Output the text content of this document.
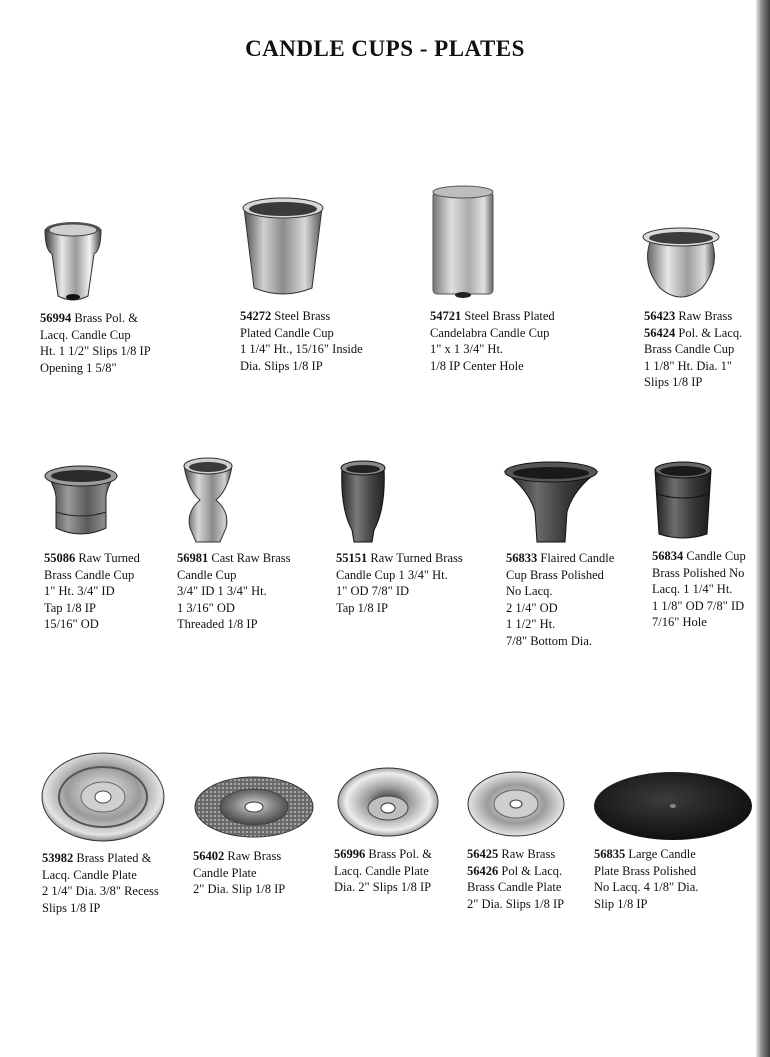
CANDLE CUPS - PLATES
56994 Brass Pol. &
Lacq. Candle Cup
Ht. 1 1/2" Slips 1/8 IP
Opening 1 5/8"
54272 Steel Brass
Plated Candle Cup
1 1/4" Ht., 15/16" Inside
Dia. Slips 1/8 IP
54721 Steel Brass Plated
Candelabra Candle Cup
1" x 1 3/4" Ht.
1/8 IP Center Hole
56423 Raw Brass
56424 Pol. & Lacq.
Brass Candle Cup
1 1/8" Ht. Dia. 1"
Slips 1/8 IP
55086 Raw Turned
Brass Candle Cup
1" Ht. 3/4" ID
Tap 1/8 IP
15/16" OD
56981 Cast Raw Brass
Candle Cup
3/4" ID 1 3/4" Ht.
1 3/16" OD
Threaded 1/8 IP
55151 Raw Turned Brass
Candle Cup 1 3/4" Ht.
1" OD 7/8" ID
Tap 1/8 IP
56833 Flaired Candle
Cup Brass Polished
No Lacq.
2 1/4" OD
1 1/2" Ht.
7/8" Bottom Dia.
56834 Candle Cup
Brass Polished No
Lacq. 1 1/4" Ht.
1 1/8" OD 7/8" ID
7/16" Hole
53982 Brass Plated &
Lacq. Candle Plate
2 1/4" Dia. 3/8" Recess
Slips 1/8 IP
56402 Raw Brass
Candle Plate
2" Dia. Slip 1/8 IP
56996 Brass Pol. &
Lacq. Candle Plate
Dia. 2" Slips 1/8 IP
56425 Raw Brass
56426 Pol & Lacq.
Brass Candle Plate
2" Dia. Slips 1/8 IP
56835 Large Candle
Plate Brass Polished
No Lacq. 4 1/8" Dia.
Slip 1/8 IP
